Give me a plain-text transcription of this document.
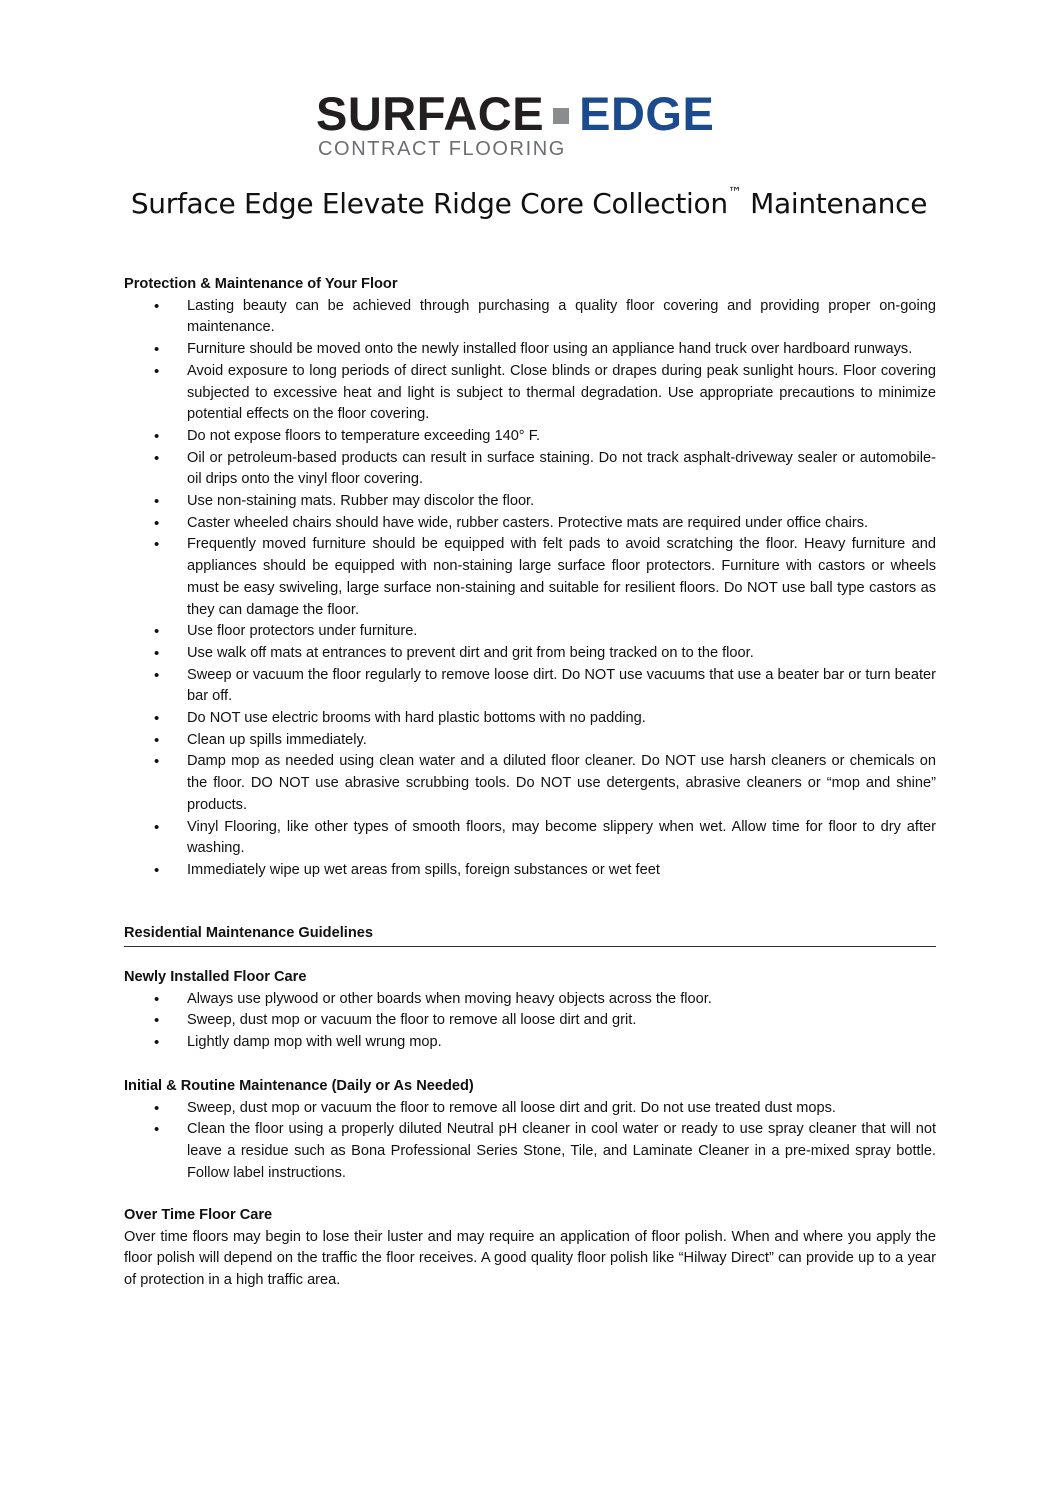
SURFACE EDGE
CONTRACT FLOORING
Surface Edge Elevate Ridge Core Collection™ Maintenance
Protection & Maintenance of Your Floor
• Lasting beauty can be achieved through purchasing a quality floor covering and providing proper on-going maintenance.
• Furniture should be moved onto the newly installed floor using an appliance hand truck over hardboard runways.
• Avoid exposure to long periods of direct sunlight. Close blinds or drapes during peak sunlight hours. Floor covering subjected to excessive heat and light is subject to thermal degradation. Use appropriate precautions to minimize potential effects on the floor covering.
• Do not expose floors to temperature exceeding 140° F.
• Oil or petroleum-based products can result in surface staining. Do not track asphalt-driveway sealer or automobile-oil drips onto the vinyl floor covering.
• Use non-staining mats. Rubber may discolor the floor.
• Caster wheeled chairs should have wide, rubber casters. Protective mats are required under office chairs.
• Frequently moved furniture should be equipped with felt pads to avoid scratching the floor. Heavy furniture and appliances should be equipped with non-staining large surface floor protectors. Furniture with castors or wheels must be easy swiveling, large surface non-staining and suitable for resilient floors. Do NOT use ball type castors as they can damage the floor.
• Use floor protectors under furniture.
• Use walk off mats at entrances to prevent dirt and grit from being tracked on to the floor.
• Sweep or vacuum the floor regularly to remove loose dirt. Do NOT use vacuums that use a beater bar or turn beater bar off.
• Do NOT use electric brooms with hard plastic bottoms with no padding.
• Clean up spills immediately.
• Damp mop as needed using clean water and a diluted floor cleaner. Do NOT use harsh cleaners or chemicals on the floor. DO NOT use abrasive scrubbing tools. Do NOT use detergents, abrasive cleaners or “mop and shine” products.
• Vinyl Flooring, like other types of smooth floors, may become slippery when wet. Allow time for floor to dry after washing.
• Immediately wipe up wet areas from spills, foreign substances or wet feet
Residential Maintenance Guidelines
Newly Installed Floor Care
• Always use plywood or other boards when moving heavy objects across the floor.
• Sweep, dust mop or vacuum the floor to remove all loose dirt and grit.
• Lightly damp mop with well wrung mop.
Initial & Routine Maintenance (Daily or As Needed)
• Sweep, dust mop or vacuum the floor to remove all loose dirt and grit. Do not use treated dust mops.
• Clean the floor using a properly diluted Neutral pH cleaner in cool water or ready to use spray cleaner that will not leave a residue such as Bona Professional Series Stone, Tile, and Laminate Cleaner in a pre-mixed spray bottle. Follow label instructions.
Over Time Floor Care

Over time floors may begin to lose their luster and may require an application of floor polish. When and where you apply the floor polish will depend on the traffic the floor receives. A good quality floor polish like “Hilway Direct” can provide up to a year of protection in a high traffic area.
